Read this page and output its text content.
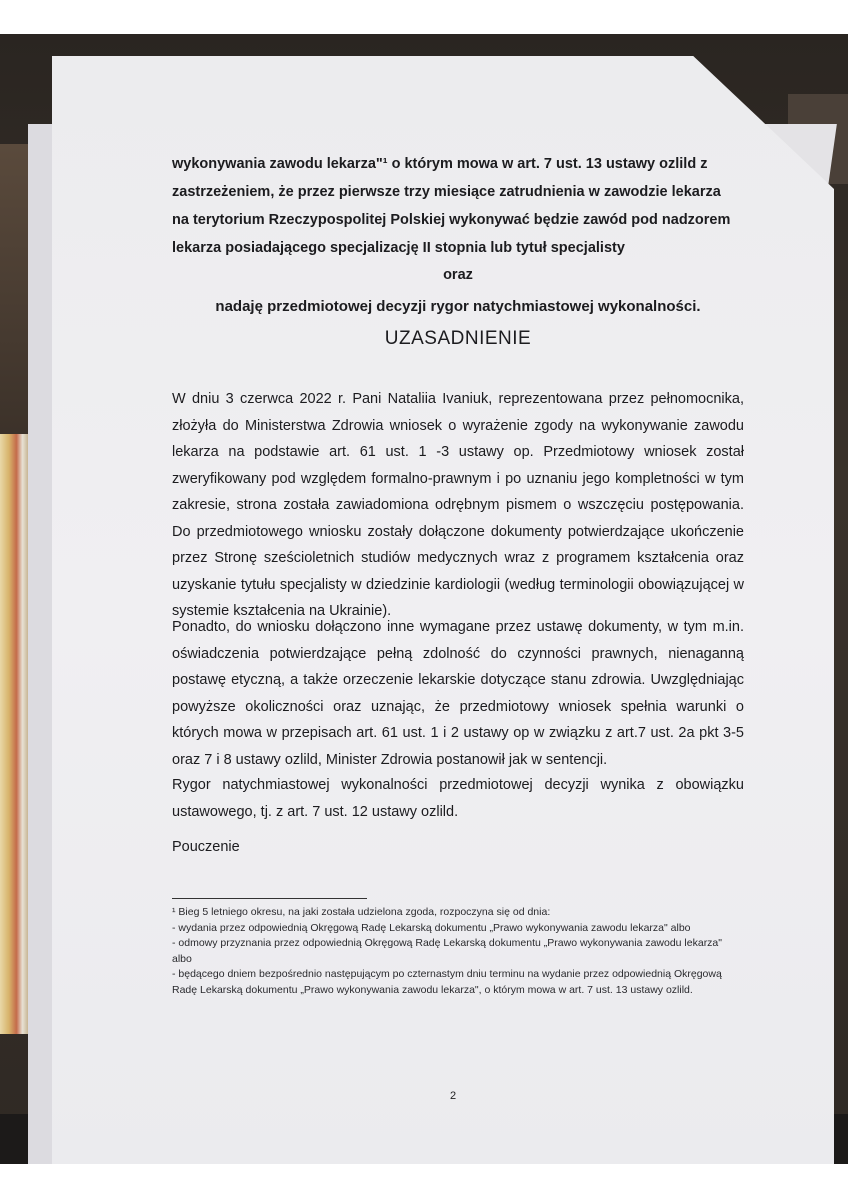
wykonywania zawodu lekarza"¹ o którym mowa w art. 7 ust. 13 ustawy ozlild z
zastrzeżeniem, że przez pierwsze trzy miesiące zatrudnienia w zawodzie lekarza
na terytorium Rzeczypospolitej Polskiej wykonywać będzie zawód pod nadzorem
lekarza posiadającego specjalizację II stopnia lub tytuł specjalisty
oraz
nadaję przedmiotowej decyzji rygor natychmiastowej wykonalności.
UZASADNIENIE
W dniu 3 czerwca 2022 r. Pani Nataliia Ivaniuk, reprezentowana przez pełnomocnika, złożyła do Ministerstwa Zdrowia wniosek o wyrażenie zgody na wykonywanie zawodu lekarza na podstawie art. 61 ust. 1 -3 ustawy op. Przedmiotowy wniosek został zweryfikowany pod względem formalno-prawnym i po uznaniu jego kompletności w tym zakresie, strona została zawiadomiona odrębnym pismem o wszczęciu postępowania. Do przedmiotowego wniosku zostały dołączone dokumenty potwierdzające ukończenie przez Stronę sześcioletnich studiów medycznych wraz z programem kształcenia oraz uzyskanie tytułu specjalisty w dziedzinie kardiologii (według terminologii obowiązującej w systemie kształcenia na Ukrainie).
Ponadto, do wniosku dołączono inne wymagane przez ustawę dokumenty, w tym m.in. oświadczenia potwierdzające pełną zdolność do czynności prawnych, nienaganną postawę etyczną, a także orzeczenie lekarskie dotyczące stanu zdrowia. Uwzględniając powyższe okoliczności oraz uznając, że przedmiotowy wniosek spełnia warunki o których mowa w przepisach art. 61 ust. 1 i 2 ustawy op w związku z art.7 ust. 2a pkt 3-5 oraz 7 i 8 ustawy ozlild, Minister Zdrowia postanowił jak w sentencji.
Rygor natychmiastowej wykonalności przedmiotowej decyzji wynika z obowiązku ustawowego, tj. z art. 7 ust. 12 ustawy ozlild.
Pouczenie

¹ Bieg 5 letniego okresu, na jaki została udzielona zgoda, rozpoczyna się od dnia:

- wydania przez odpowiednią Okręgową Radę Lekarską dokumentu „Prawo wykonywania zawodu lekarza" albo

- odmowy przyznania przez odpowiednią Okręgową Radę Lekarską dokumentu „Prawo wykonywania zawodu lekarza" albo

- będącego dniem bezpośrednio następującym po czternastym dniu terminu na wydanie przez odpowiednią Okręgową Radę Lekarską dokumentu „Prawo wykonywania zawodu lekarza", o którym mowa w art. 7 ust. 13 ustawy ozlild.

2
